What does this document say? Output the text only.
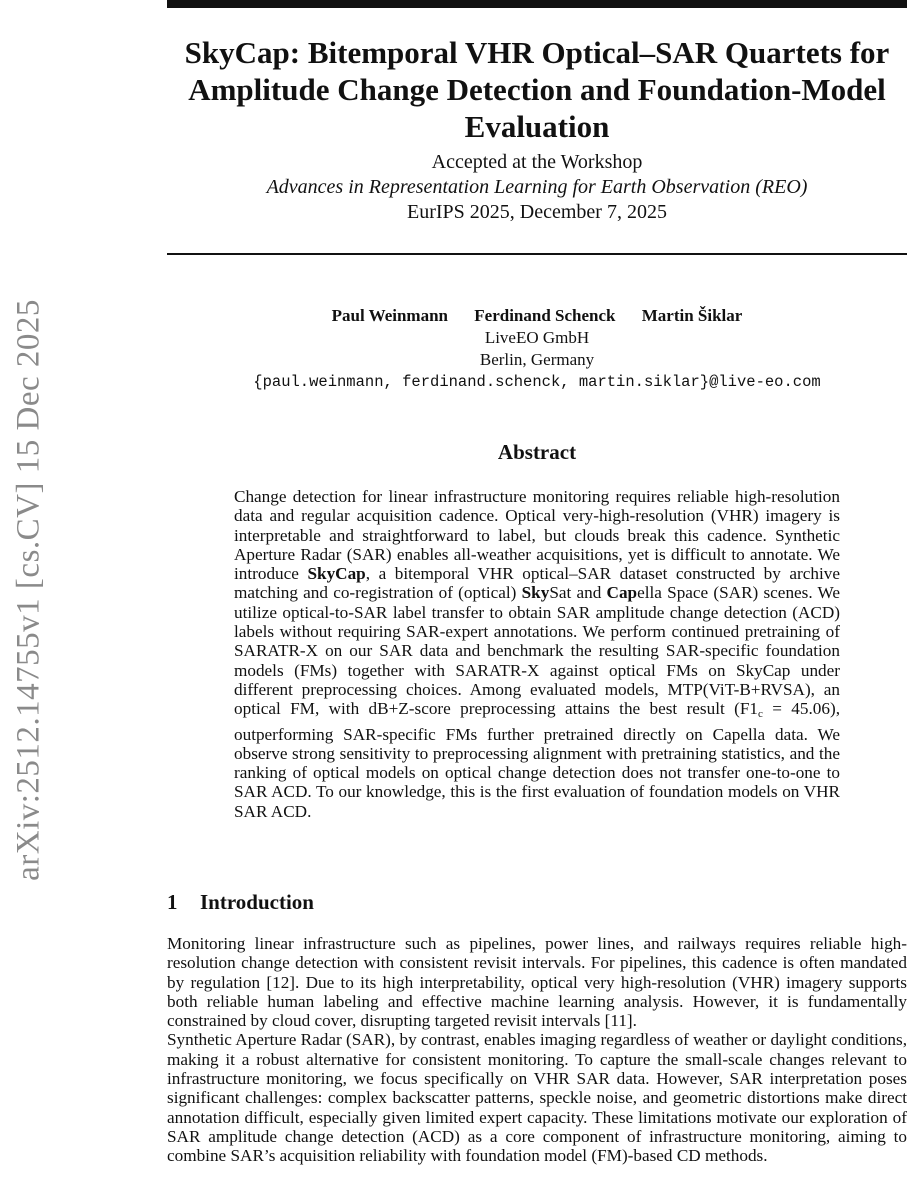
arXiv:2512.14755v1 [cs.CV] 15 Dec 2025
SkyCap: Bitemporal VHR Optical–SAR Quartets for Amplitude Change Detection and Foundation-Model Evaluation
Accepted at the Workshop
Advances in Representation Learning for Earth Observation (REO)
EurIPS 2025, December 7, 2025
Paul Weinmann Ferdinand Schenck Martin Šiklar
LiveEO GmbH
Berlin, Germany
{paul.weinmann, ferdinand.schenck, martin.siklar}@live-eo.com
Abstract

Change detection for linear infrastructure monitoring requires reliable high-resolution data and regular acquisition cadence. Optical very-high-resolution (VHR) imagery is interpretable and straightforward to label, but clouds break this cadence. Synthetic Aperture Radar (SAR) enables all-weather acquisitions, yet is difficult to annotate. We introduce SkyCap, a bitemporal VHR optical–SAR dataset constructed by archive matching and co-registration of (optical) SkySat and Capella Space (SAR) scenes. We utilize optical-to-SAR label transfer to obtain SAR amplitude change detection (ACD) labels without requiring SAR-expert annotations. We perform continued pretraining of SARATR-X on our SAR data and benchmark the resulting SAR-specific foundation models (FMs) together with SARATR-X against optical FMs on SkyCap under different preprocessing choices. Among evaluated models, MTP(ViT-B+RVSA), an optical FM, with dB+Z-score preprocessing attains the best result $(F1_c = 45.06)$, outperforming SAR-specific FMs further pretrained directly on Capella data. We observe strong sensitivity to preprocessing alignment with pretraining statistics, and the ranking of optical models on optical change detection does not transfer one-to-one to SAR ACD. To our knowledge, this is the first evaluation of foundation models on VHR SAR ACD.

1 Introduction

Monitoring linear infrastructure such as pipelines, power lines, and railways requires reliable high-resolution change detection with consistent revisit intervals. For pipelines, this cadence is often mandated by regulation [12]. Due to its high interpretability, optical very high-resolution (VHR) imagery supports both reliable human labeling and effective machine learning analysis. However, it is fundamentally constrained by cloud cover, disrupting targeted revisit intervals [11].

Synthetic Aperture Radar (SAR), by contrast, enables imaging regardless of weather or daylight conditions, making it a robust alternative for consistent monitoring. To capture the small-scale changes relevant to infrastructure monitoring, we focus specifically on VHR SAR data. However, SAR interpretation poses significant challenges: complex backscatter patterns, speckle noise, and geometric distortions make direct annotation difficult, especially given limited expert capacity. These limitations motivate our exploration of SAR amplitude change detection (ACD) as a core component of infrastructure monitoring, aiming to combine SAR’s acquisition reliability with foundation model (FM)-based CD methods.
